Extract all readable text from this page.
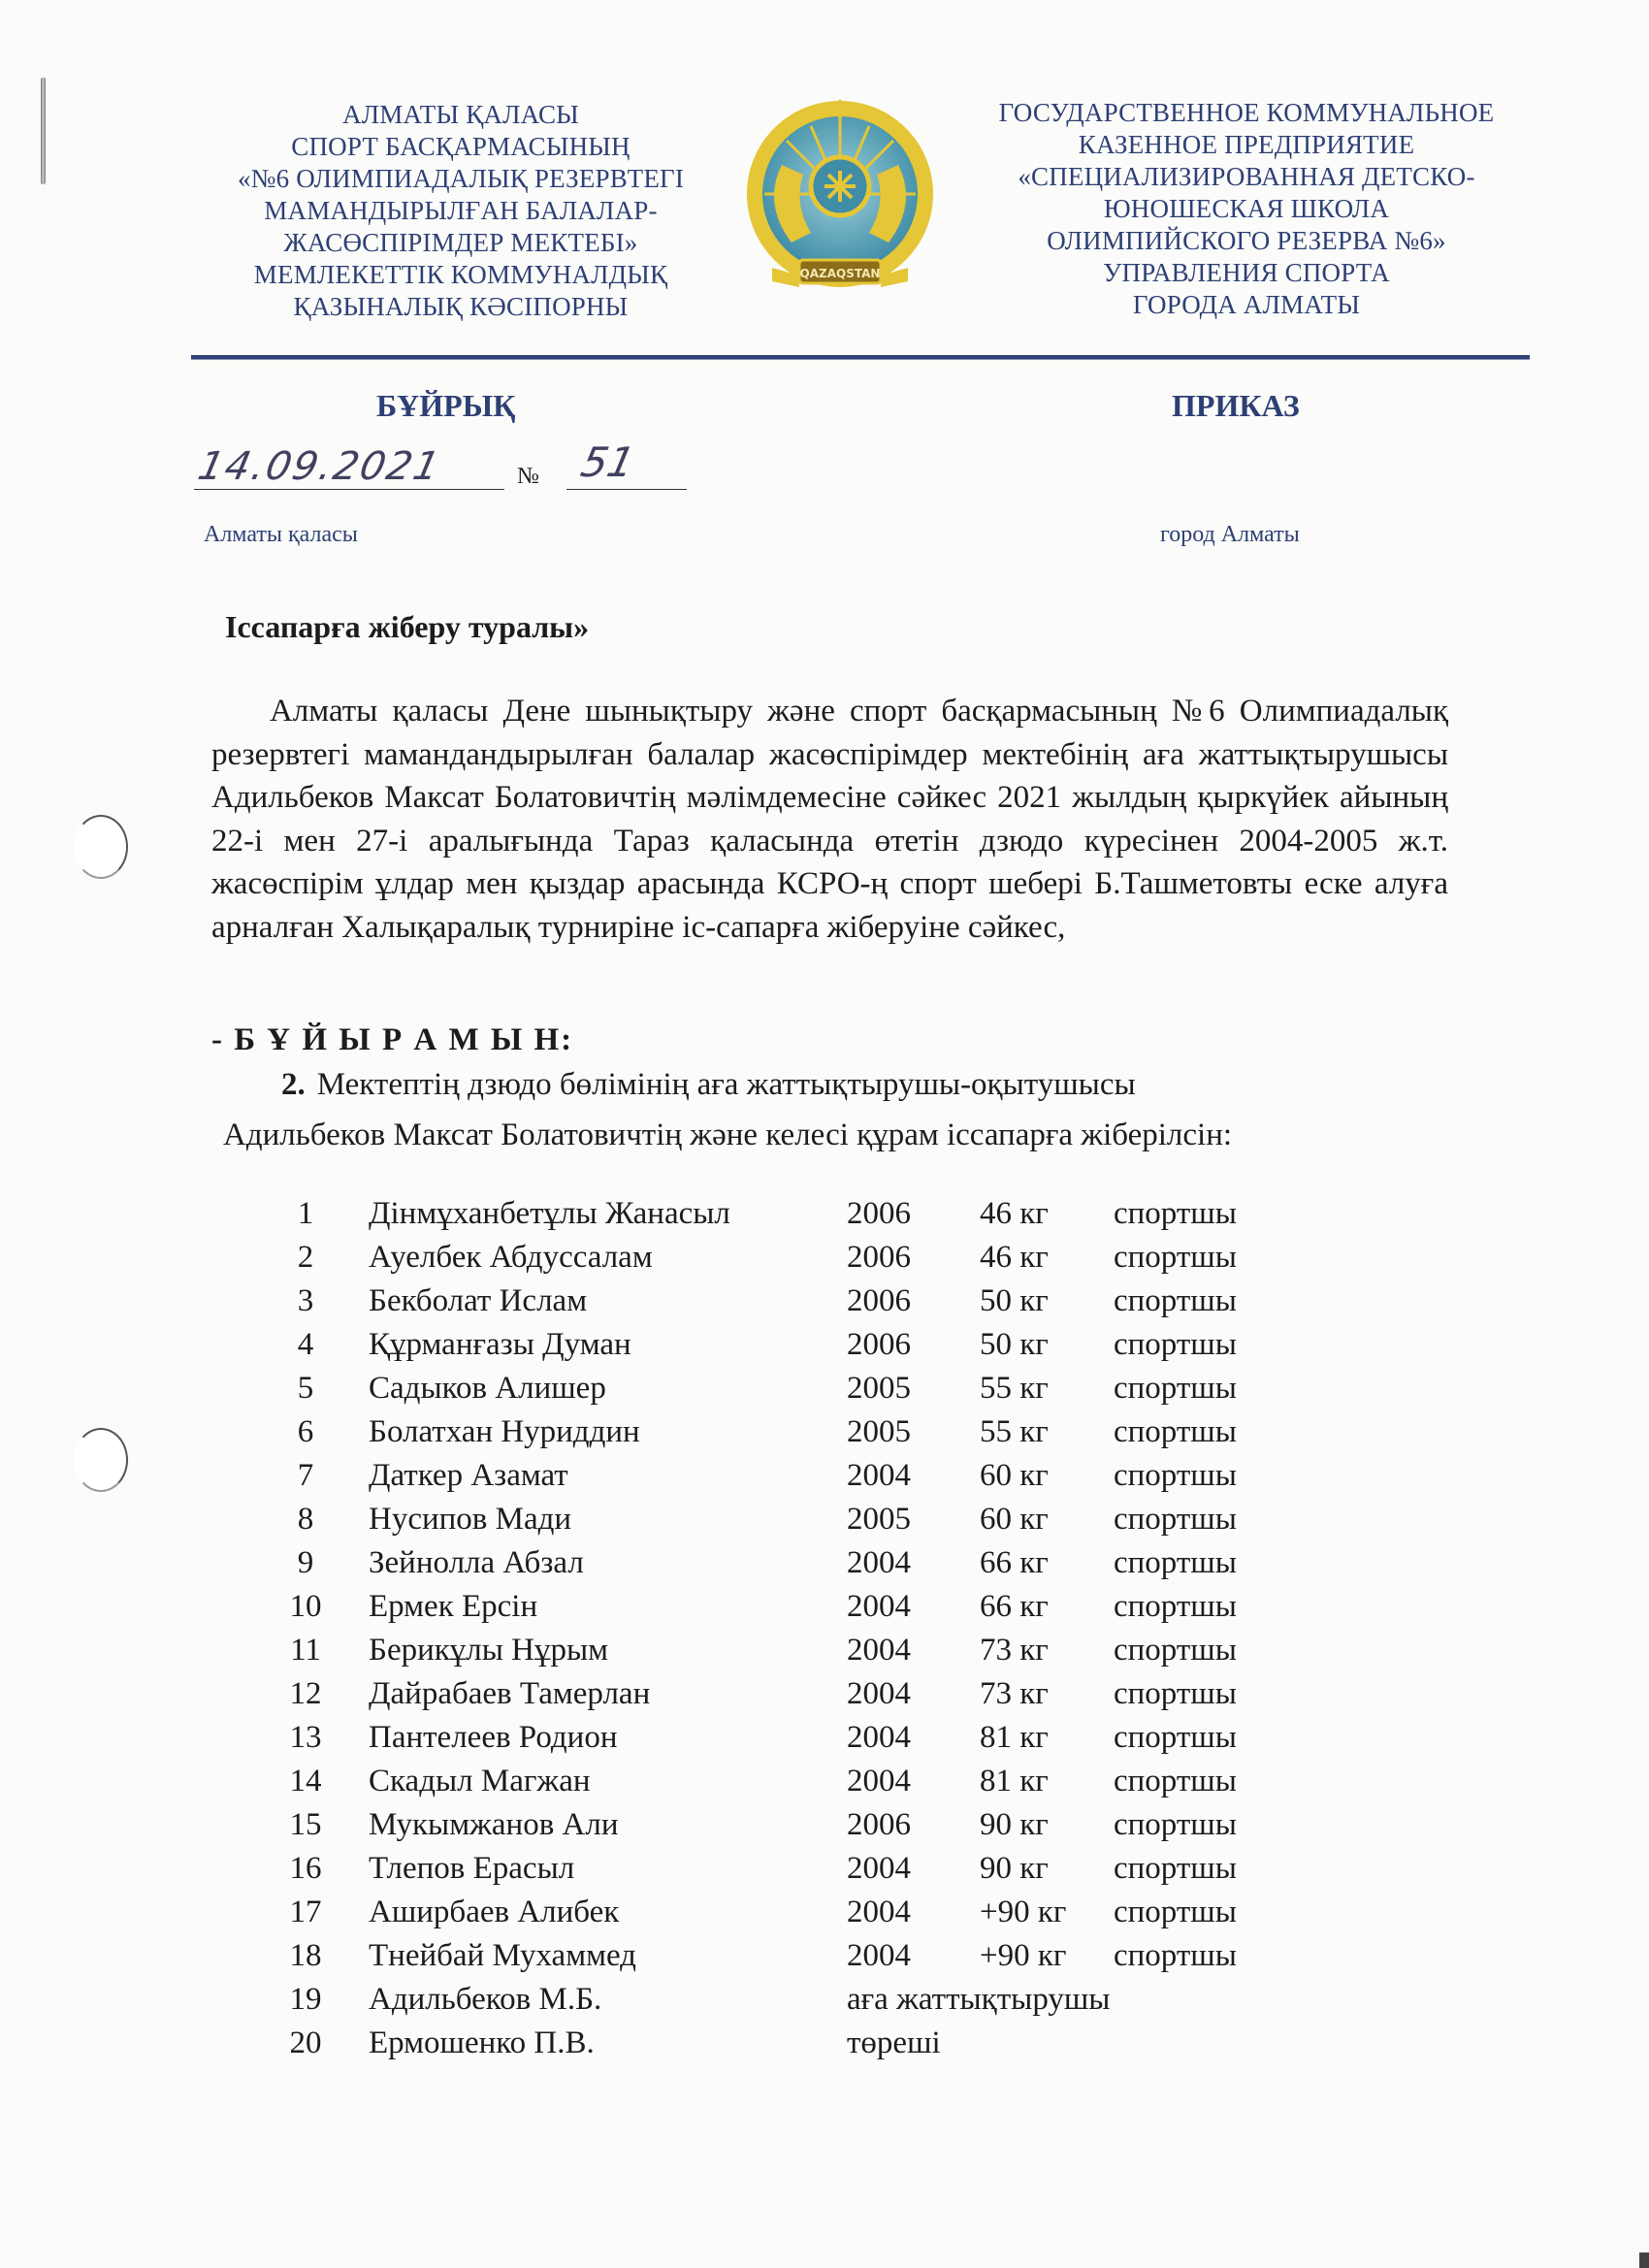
АЛМАТЫ ҚАЛАСЫ
СПОРТ БАСҚАРМАСЫНЫҢ
«№6 ОЛИМПИАДАЛЫҚ РЕЗЕРВТЕГІ
МАМАНДЫРЫЛҒАН БАЛАЛАР-
ЖАСӨСПІРІМДЕР МЕКТЕБІ»
МЕМЛЕКЕТТІК КОММУНАЛДЫҚ
ҚАЗЫНАЛЫҚ КӘСІПОРНЫ
QAZAQSTAN
ГОСУДАРСТВЕННОЕ КОММУНАЛЬНОЕ
КАЗЕННОЕ ПРЕДПРИЯТИЕ
«СПЕЦИАЛИЗИРОВАННАЯ ДЕТСКО-
ЮНОШЕСКАЯ ШКОЛА
ОЛИМПИЙСКОГО РЕЗЕРВА №6»
УПРАВЛЕНИЯ СПОРТА
ГОРОДА АЛМАТЫ
БҰЙРЫҚ	ПРИКАЗ
14.09.2021	№ 51
Алматы қаласы	город Алматы
Іссапарға жіберу туралы»
Алматы қаласы Дене шынықтыру және спорт басқармасының №6 Олимпиадалық резервтегі мамандандырылған балалар жасөспірімдер мектебінің аға жаттықтырушысы Адильбеков Максат Болатовичтің мәлімдемесіне сәйкес 2021 жылдың қыркүйек айының 22-і мен 27-і аралығында Тараз қаласында өтетін дзюдо күресінен 2004-2005 ж.т. жасөспірім ұлдар мен қыздар арасында КСРО-ң спорт шебері Б.Ташметовты еске алуға арналған Халықаралық турниріне іс-сапарға жіберуіне сәйкес,
- Б Ұ Й Ы Р А М Ы Н:
2. Мектептің дзюдо бөлімінің аға жаттықтырушы-оқытушысы
Адильбеков Максат Болатовичтің және келесі құрам іссапарға жіберілсін:
1	Дінмұханбетұлы Жанасыл	2006 46 кг спортшы
2	Ауелбек Абдуссалам	2006 46 кг спортшы
3	Бекболат Ислам	2006 50 кг спортшы
4	Құрманғазы Думан	2006 50 кг спортшы
5	Садыков Алишер	2005 55 кг спортшы
6	Болатхан Нуриддин	2005 55 кг спортшы
7	Даткер Азамат	2004 60 кг спортшы
8	Нусипов Мади	2005 60 кг спортшы
9	Зейнолла Абзал	2004 66 кг спортшы
10 Ермек Ерсін	2004 66 кг спортшы
11 Берикұлы Нұрым	2004 73 кг спортшы
12 Дайрабаев Тамерлан	2004 73 кг спортшы
13 Пантелеев Родион	2004 81 кг спортшы
14 Скадыл Магжан	2004 81 кг спортшы
15 Мукымжанов Али	2006 90 кг спортшы
16 Тлепов Ерасыл	2004 90 кг спортшы
17 Аширбаев Алибек	2004 +90 кг спортшы
18 Тнейбай Мухаммед	2004 +90 кг спортшы
19 Адильбеков М.Б.	аға жаттықтырушы
20 Ермошенко П.В.	төреші
